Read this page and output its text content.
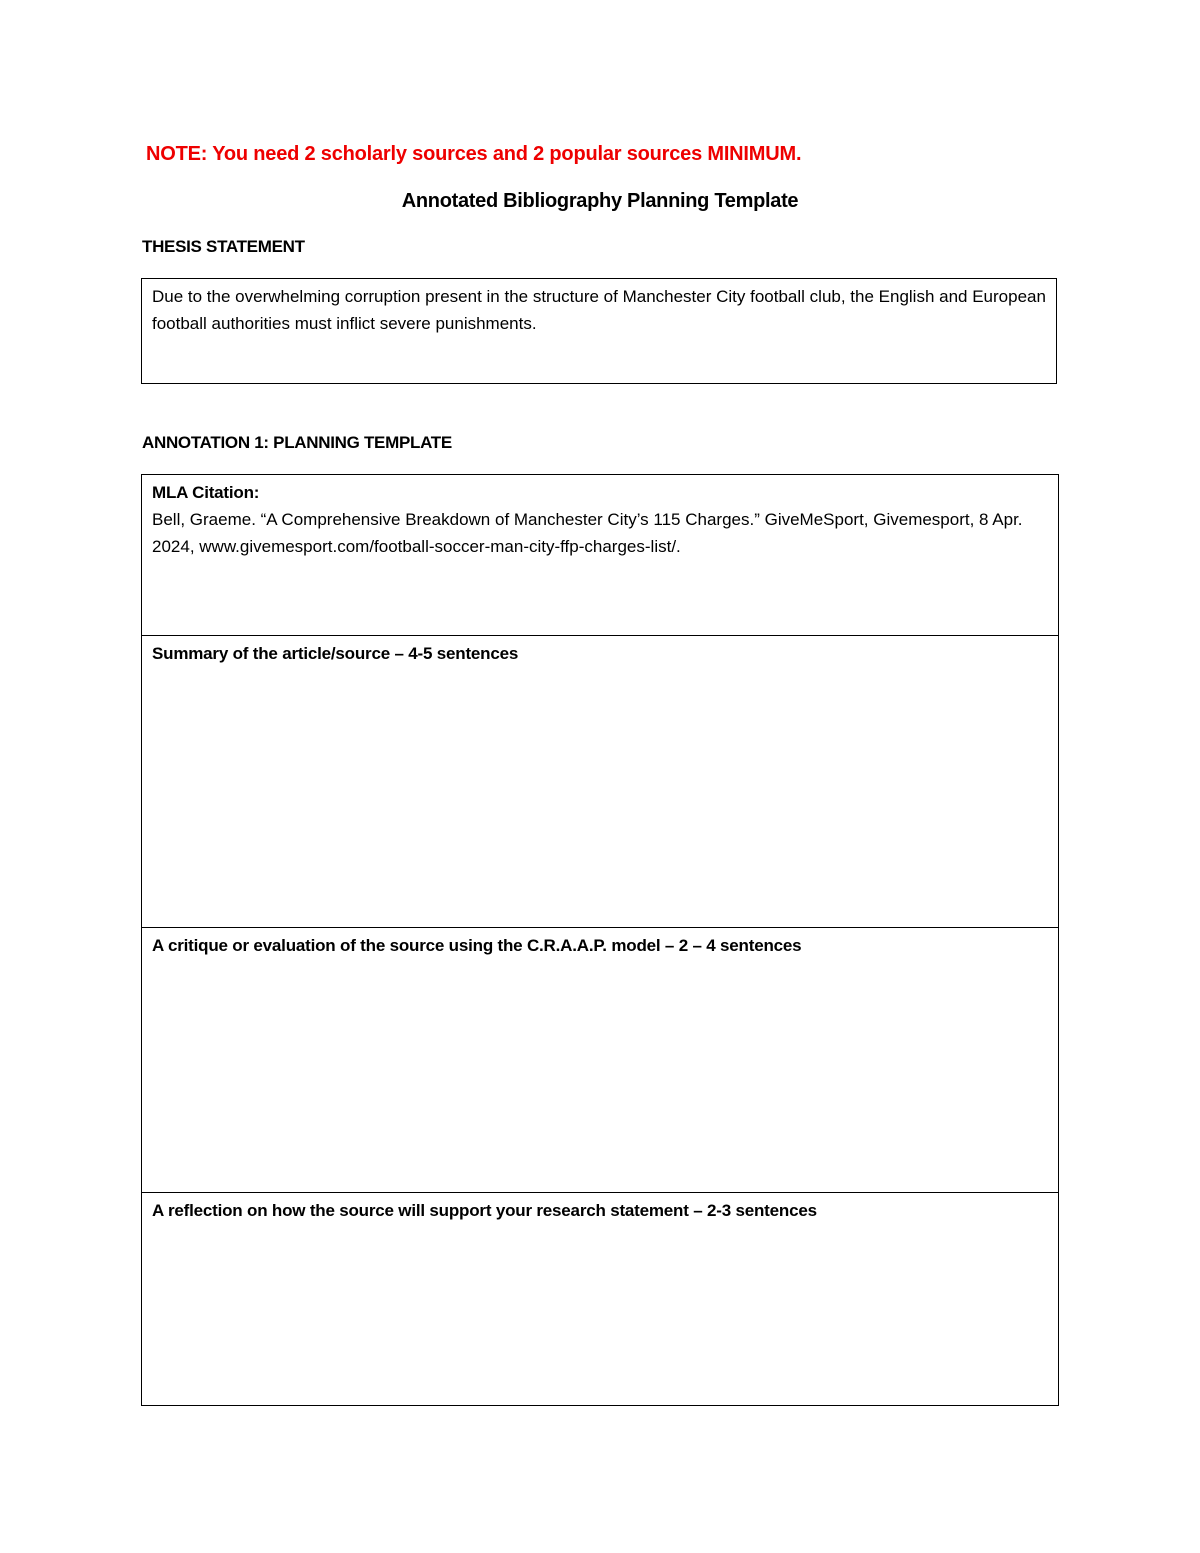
NOTE: You need 2 scholarly sources and 2 popular sources MINIMUM.
Annotated Bibliography Planning Template
THESIS STATEMENT
Due to the overwhelming corruption present in the structure of Manchester City football club, the English and European football authorities must inflict severe punishments.
ANNOTATION 1: PLANNING TEMPLATE
MLA Citation:
Bell, Graeme. “A Comprehensive Breakdown of Manchester City’s 115 Charges.” GiveMeSport, Givemesport, 8 Apr. 2024, www.givemesport.com/football-soccer-man-city-ffp-charges-list/.

Summary of the article/source – 4-5 sentences

A critique or evaluation of the source using the C.R.A.A.P. model – 2 – 4 sentences

A reflection on how the source will support your research statement – 2-3 sentences
